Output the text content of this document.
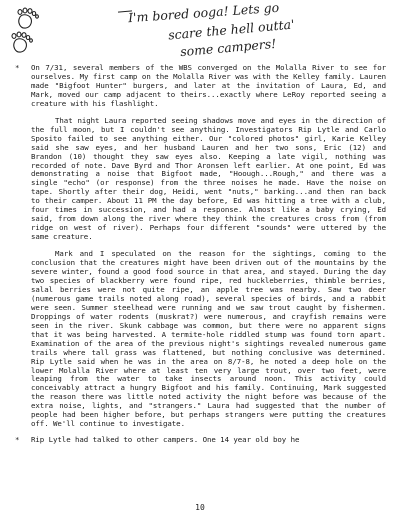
I'm bored ooga! Lets go
scare the hell outta'
some campers!

* On 7/31, several members of the WBS converged on the Molalla River to see for ourselves. My first camp on the Molalla River was with the Kelley family. Lauren made "Bigfoot Hunter" burgers, and later at the invitation of Laura, Ed, and Mark, moved our camp adjacent to theirs...exactly where LeRoy reported seeing a creature with his flashlight.

That night Laura reported seeing shadows move and eyes in the direction of the full moon, but I couldn't see anything. Investigators Rip Lytle and Carlo Sposito failed to see anything either. Our "colored photos" girl, Karie Kelley said she saw eyes, and her husband Lauren and her two sons, Eric (12) and Brandon (10) thought they saw eyes also. Keeping a late vigil, nothing was recorded of note. Dave Byrd and Thor Aronsen left earlier. At one point, Ed was demonstrating a noise that Bigfoot made, "Hoough...Rough," and there was a single "echo" (or response) from the three noises he made. Have the noise on tape. Shortly after their dog, Heidi, went "nuts," barking...and then ran back to their camper. About 11 PM the day before, Ed was hitting a tree with a club, four times in succession, and had a response. Almost like a baby crying, Ed said, from down along the river where they think the creatures cross from (from ridge on west of river). Perhaps four different "sounds" were uttered by the same creature.

Mark and I speculated on the reason for the sightings, coming to the conclusion that the creatures might have been driven out of the mountains by the severe winter, found a good food source in that area, and stayed. During the day two species of blackberry were found ripe, red huckleberries, thimble berries, salal berries were not quite ripe, an apple tree was nearby. Saw two deer (numerous game trails noted along road), several species of birds, and a rabbit were seen. Summer steelhead were running and we saw trout caught by fishermen. Droppings of water rodents (muskrat?) were numerous, and crayfish remains were seen in the river. Skunk cabbage was common, but there were no apparent signs that it was being harvested. A termite-hole riddled stump was found torn apart. Examination of the area of the previous night's sightings revealed numerous game trails where tall grass was flattened, but nothing conclusive was determined. Rip Lytle said when he was in the area on 8/7-8, he noted a deep hole on the lower Molalla River where at least ten very large trout, over two feet, were leaping from the water to take insects around noon. This activity could conceivably attract a hungry Bigfoot and his family. Continuing, Mark suggested the reason there was little noted activity the night before was because of the extra noise, lights, and "strangers." Laura had suggested that the number of people had been higher before, but perhaps strangers were putting the creatures off. We'll continue to investigate.

* Rip Lytle had talked to other campers. One 14 year old boy he

10
